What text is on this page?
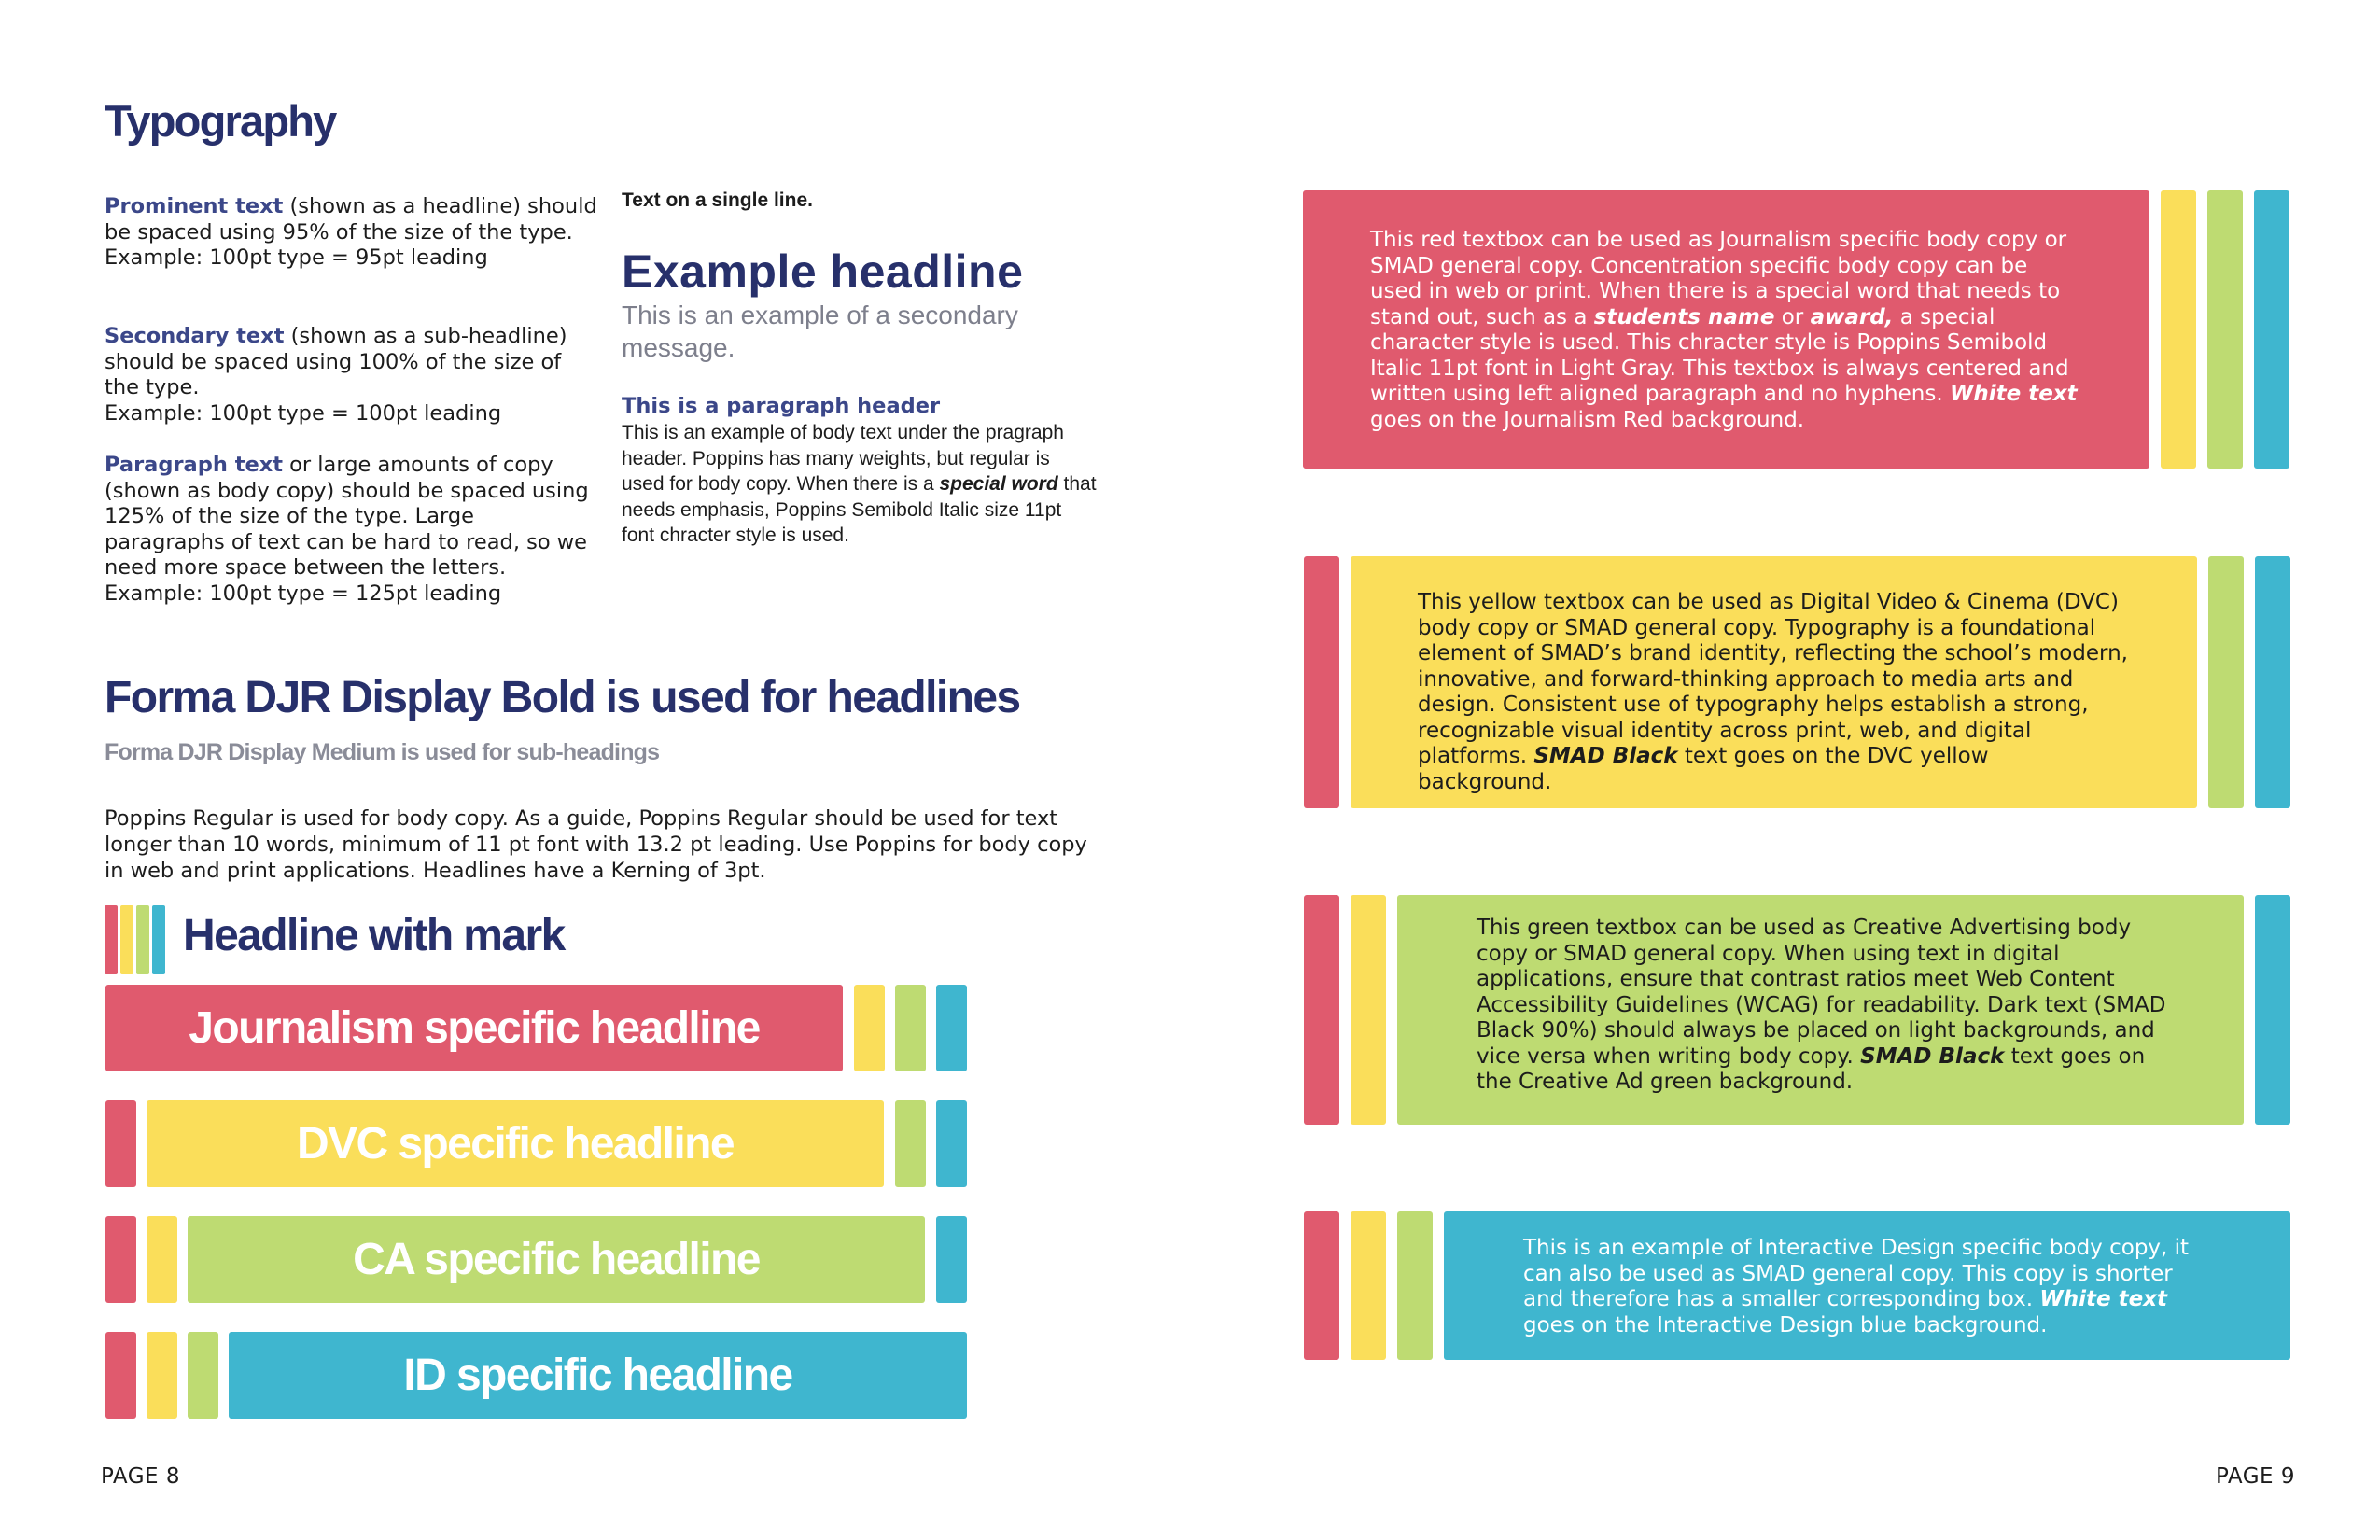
Typography
Prominent text (shown as a headline) should be spaced using 95% of the size of the type.
Example: 100pt type = 95pt leading
Secondary text (shown as a sub-headline) should be spaced using 100% of the size of the type.
Example: 100pt type = 100pt leading
Paragraph text or large amounts of copy (shown as body copy) should be spaced using 125% of the size of the type. Large paragraphs of text can be hard to read, so we need more space between the letters.
Example: 100pt type = 125pt leading
Text on a single line.
Example headline
This is an example of a secondary message.
This is a paragraph header
This is an example of body text under the pragraph header. Poppins has many weights, but regular is used for body copy. When there is a special word that needs emphasis, Poppins Semibold Italic size 11pt font chracter style is used.
Forma DJR Display Bold is used for headlines
Forma DJR Display Medium is used for sub-headings
Poppins Regular is used for body copy. As a guide, Poppins Regular should be used for text longer than 10 words, minimum of 11 pt font with 13.2 pt leading. Use Poppins for body copy in web and print applications. Headlines have a Kerning of 3pt.
Headline with mark
Journalism specific headline
DVC specific headline
CA specific headline
ID specific headline
PAGE 8

This red textbox can be used as Journalism specific body copy or SMAD general copy. Concentration specific body copy can be used in web or print. When there is a special word that needs to stand out, such as a students name or award, a special character style is used. This chracter style is Poppins Semibold Italic 11pt font in Light Gray. This textbox is always centered and written using left aligned paragraph and no hyphens. White text goes on the Journalism Red background.

This yellow textbox can be used as Digital Video & Cinema (DVC) body copy or SMAD general copy. Typography is a foundational element of SMAD’s brand identity, reflecting the school’s modern, innovative, and forward-thinking approach to media arts and design. Consistent use of typography helps establish a strong, recognizable visual identity across print, web, and digital platforms. SMAD Black text goes on the DVC yellow background.

This green textbox can be used as Creative Advertising body copy or SMAD general copy. When using text in digital applications, ensure that contrast ratios meet Web Content Accessibility Guidelines (WCAG) for readability. Dark text (SMAD Black 90%) should always be placed on light backgrounds, and vice versa when writing body copy. SMAD Black text goes on the Creative Ad green background.

This is an example of Interactive Design specific body copy, it can also be used as SMAD general copy. This copy is shorter and therefore has a smaller corresponding box. White text goes on the Interactive Design blue background.

PAGE 9
